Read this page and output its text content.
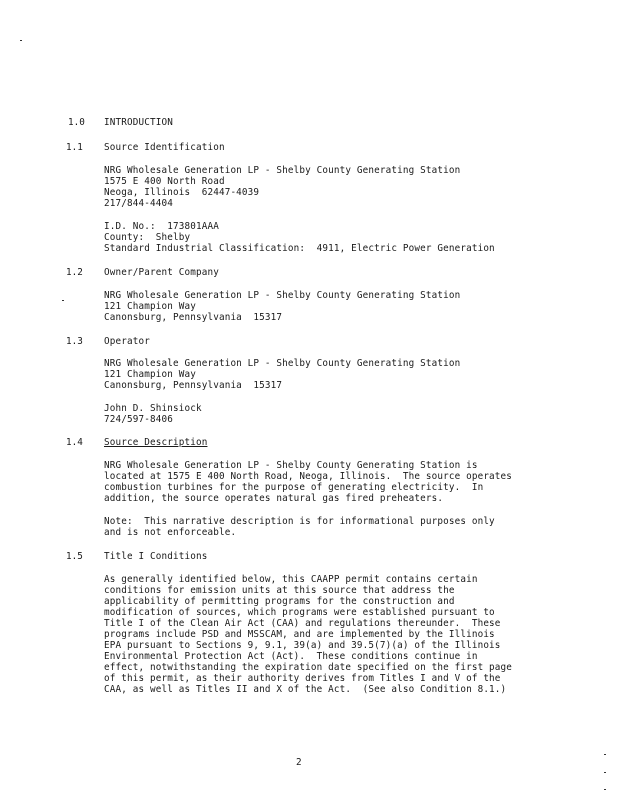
1.0 INTRODUCTION
1.1 Source Identification
NRG Wholesale Generation LP - Shelby County Generating Station
1575 E 400 North Road
Neoga, Illinois  62447-4039
217/844-4404
I.D. No.:  173801AAA
County:  Shelby
Standard Industrial Classification:  4911, Electric Power Generation
1.2 Owner/Parent Company
NRG Wholesale Generation LP - Shelby County Generating Station
121 Champion Way
Canonsburg, Pennsylvania  15317
1.3 Operator
NRG Wholesale Generation LP - Shelby County Generating Station
121 Champion Way
Canonsburg, Pennsylvania  15317
John D. Shinsiock
724/597-8406
1.4 Source Description
NRG Wholesale Generation LP - Shelby County Generating Station is
located at 1575 E 400 North Road, Neoga, Illinois.  The source operates
combustion turbines for the purpose of generating electricity.  In
addition, the source operates natural gas fired preheaters.
Note:  This narrative description is for informational purposes only
and is not enforceable.
1.5 Title I Conditions
As generally identified below, this CAAPP permit contains certain
conditions for emission units at this source that address the
applicability of permitting programs for the construction and
modification of sources, which programs were established pursuant to
Title I of the Clean Air Act (CAA) and regulations thereunder.  These
programs include PSD and MSSCAM, and are implemented by the Illinois
EPA pursuant to Sections 9, 9.1, 39(a) and 39.5(7)(a) of the Illinois
Environmental Protection Act (Act).  These conditions continue in
effect, notwithstanding the expiration date specified on the first page
of this permit, as their authority derives from Titles I and V of the
CAA, as well as Titles II and X of the Act.  (See also Condition 8.1.)
2
